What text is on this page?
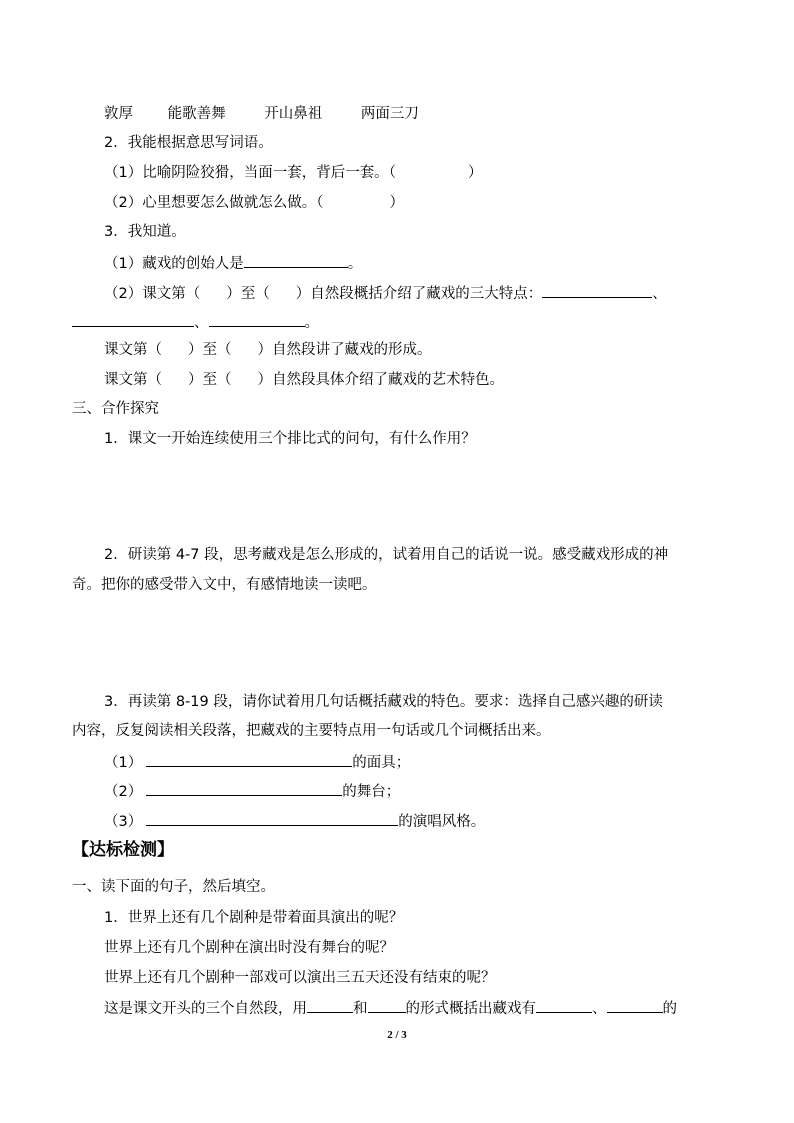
敦厚 能歌善舞	开山鼻祖	两面三刀
2．我能根据意思写词语。
（1）比喻阴险狡猾，当面一套，背后一套。（	）
（2）心里想要怎么做就怎么做。（	）
3．我知道。
（1）藏戏的创始人是	。
（2）课文第（ ）至（ ）自然段概括介绍了藏戏的三大特点：	、
、	。
课文第（ ）至（ ）自然段讲了藏戏的形成。
课文第（ ）至（ ）自然段具体介绍了藏戏的艺术特色。
三、合作探究
1．课文一开始连续使用三个排比式的问句，有什么作用？
2．研读第 4-7 段，思考藏戏是怎么形成的，试着用自己的话说一说。感受藏戏形成的神
奇。把你的感受带入文中，有感情地读一读吧。
3．再读第 8-19 段，请你试着用几句话概括藏戏的特色。要求：选择自己感兴趣的研读
内容，反复阅读相关段落，把藏戏的主要特点用一句话或几个词概括出来。
（1）	的面具；
（2）	的舞台；
（3）	的演唱风格。
【达标检测】
一、读下面的句子，然后填空。
1．世界上还有几个剧种是带着面具演出的呢？
世界上还有几个剧种在演出时没有舞台的呢？
世界上还有几个剧种一部戏可以演出三五天还没有结束的呢？
这是课文开头的三个自然段，用	和	的形式概括出藏戏有	、	的
2 / 3
